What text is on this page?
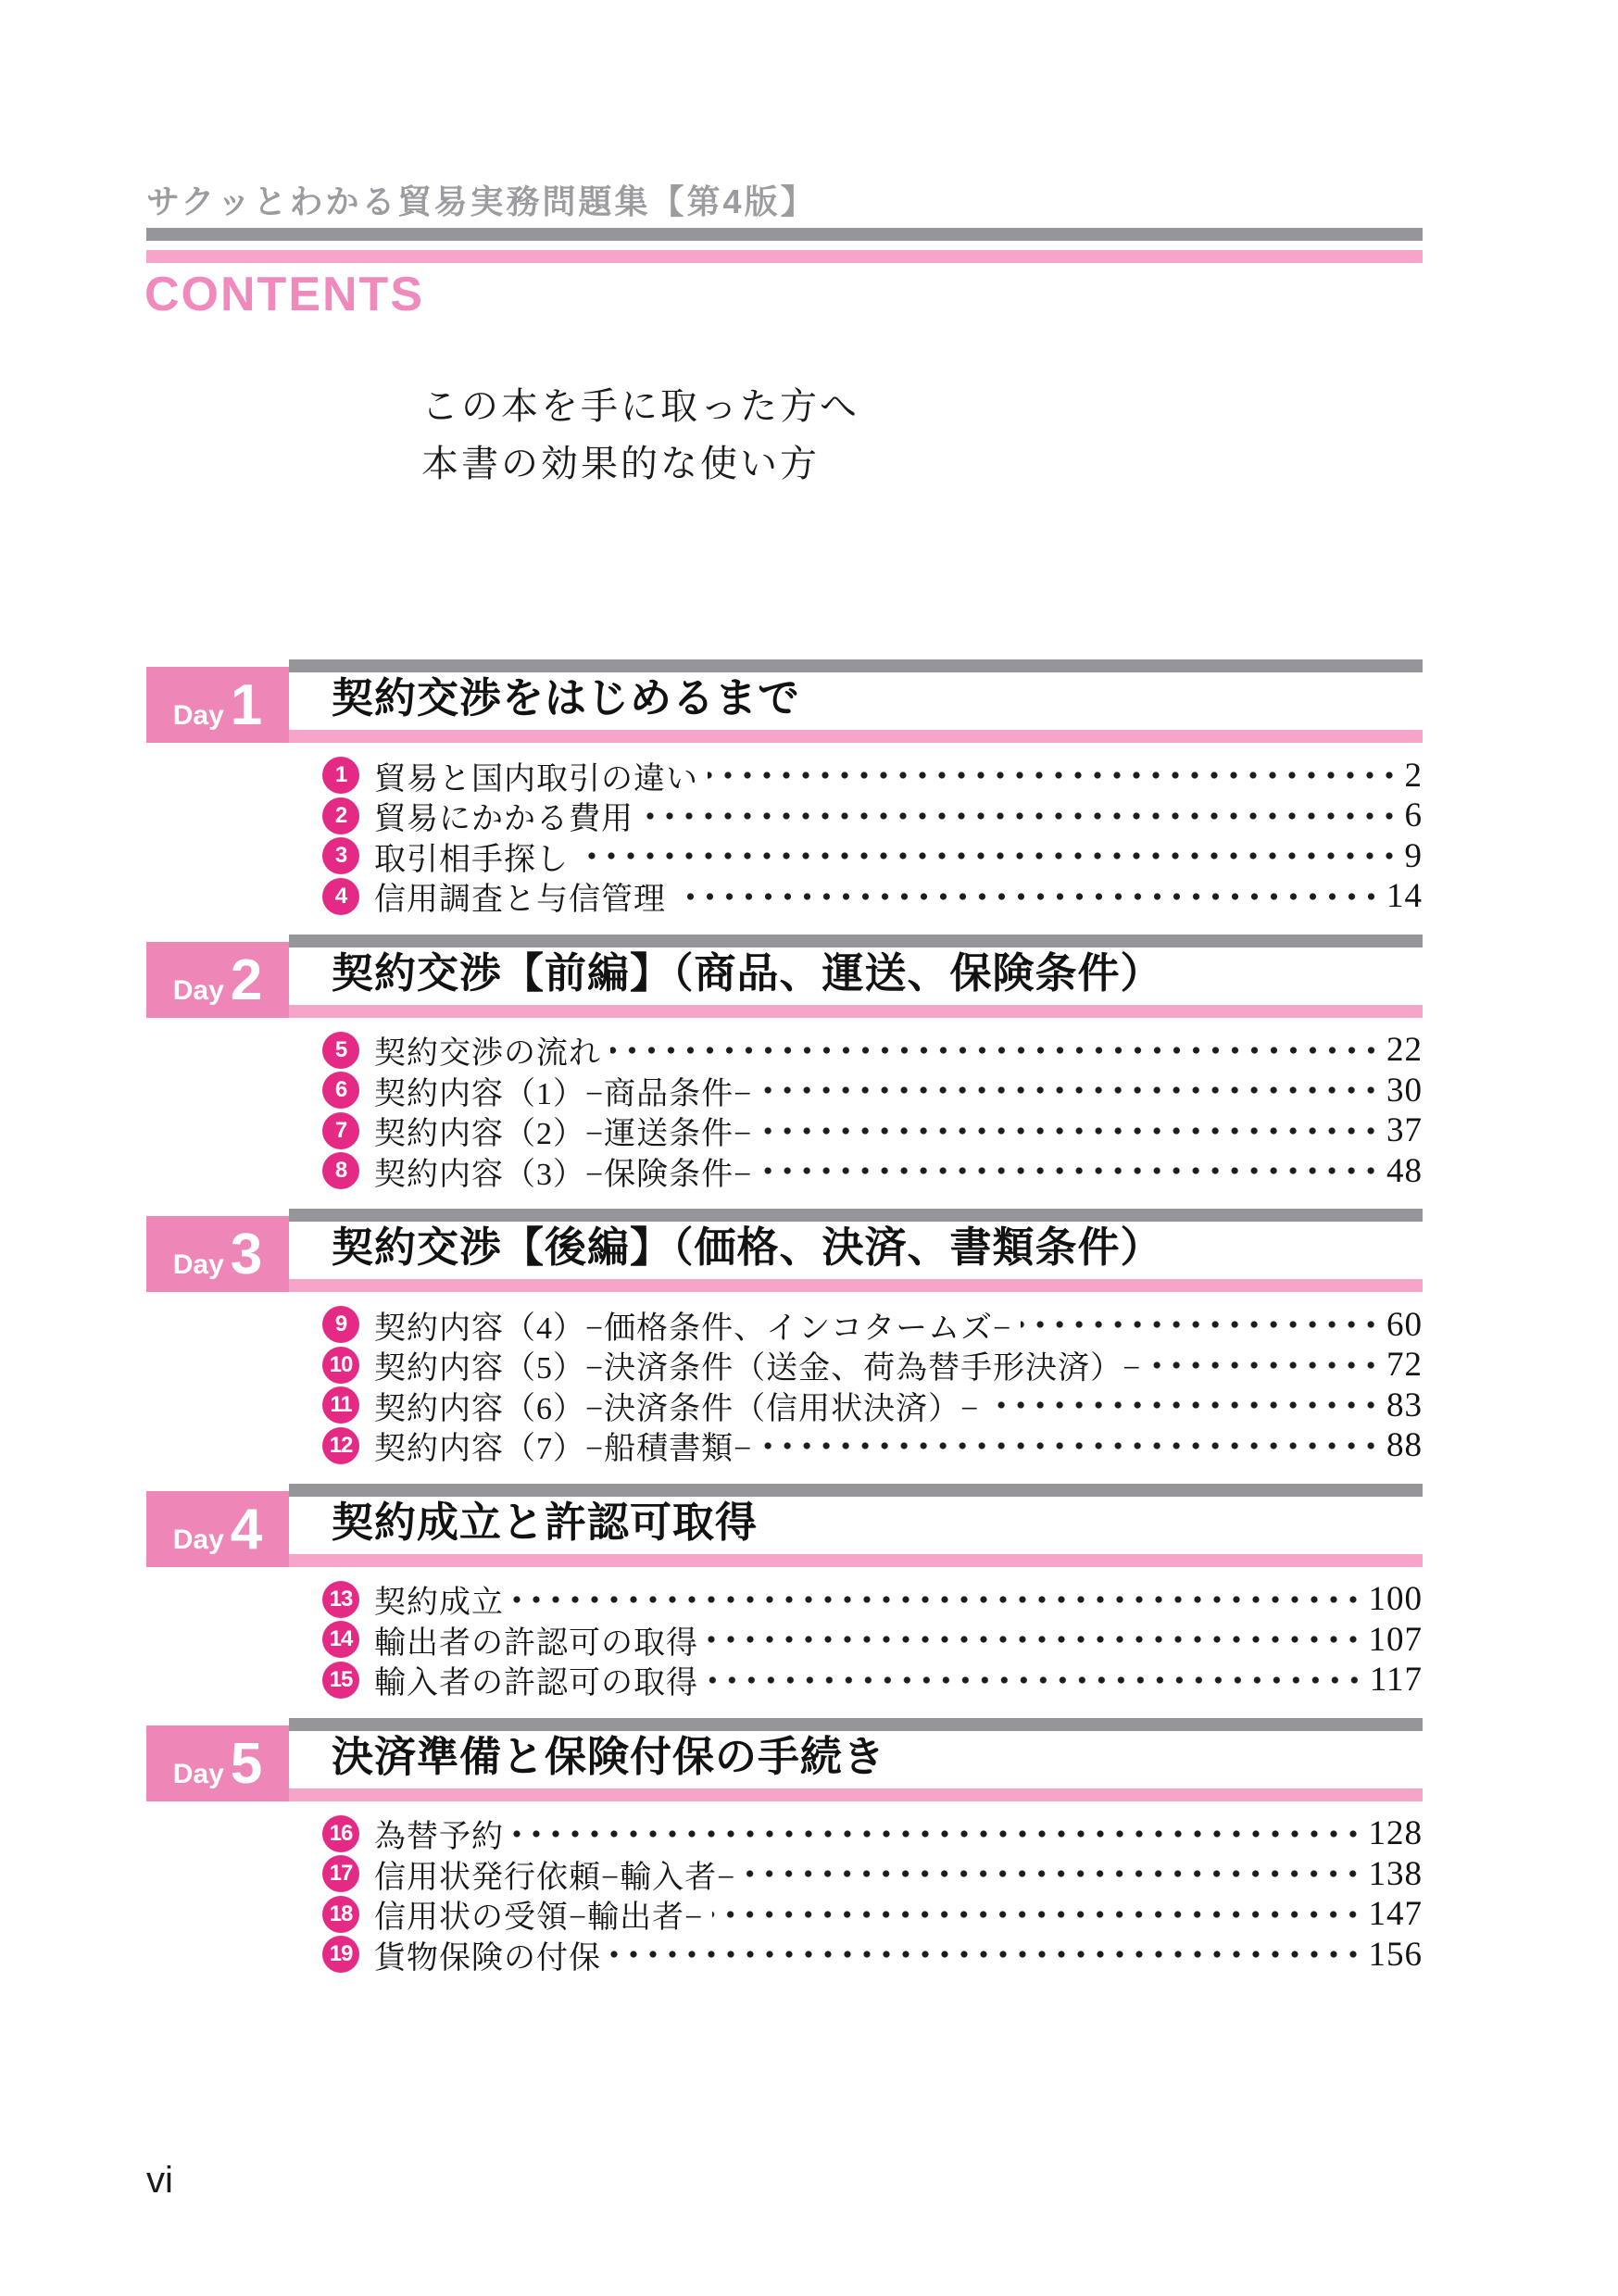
サクッとわかる貿易実務問題集【第4版】
CONTENTS
この本を手に取った方へ
本書の効果的な使い方
Day 1 契約交渉をはじめるまで
1 貿易と国内取引の違い	2
2 貿易にかかる費用	6
3 取引相手探し	9
4 信用調査と与信管理	14
Day 2 契約交渉【前編】（商品、運送、保険条件）
5 契約交渉の流れ	22
6 契約内容（1）−商品条件−	30
7 契約内容（2）−運送条件−	37
8 契約内容（3）−保険条件−	48
Day 3 契約交渉【後編】（価格、決済、書類条件）
9 契約内容（4）−価格条件、インコタームズ−	60
10 契約内容（5）−決済条件（送金、荷為替手形決済）−	72
11 契約内容（6）−決済条件（信用状決済）−	83
12 契約内容（7）−船積書類−	88
Day 4 契約成立と許認可取得
13 契約成立	100
14 輸出者の許認可の取得	107
15 輸入者の許認可の取得	117
Day 5 決済準備と保険付保の手続き
16 為替予約	128
17 信用状発行依頼−輸入者−	138
18 信用状の受領−輸出者−	147
19 貨物保険の付保	156
vi
